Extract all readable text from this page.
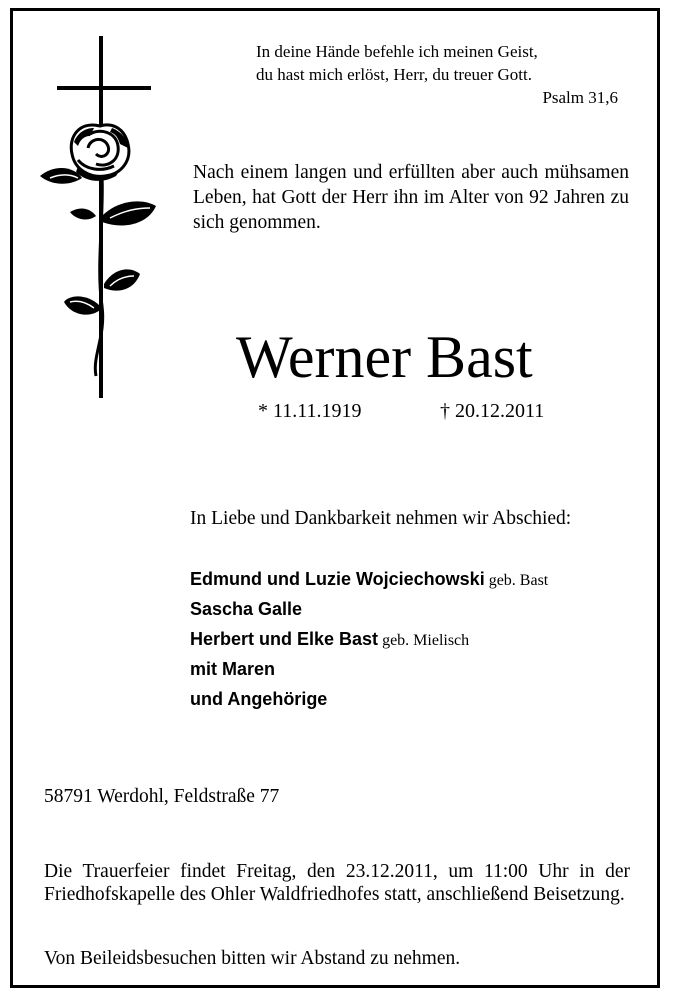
In deine Hände befehle ich meinen Geist,
du hast mich erlöst, Herr, du treuer Gott.
Psalm 31,6
Nach einem langen und erfüllten aber auch mühsamen Leben, hat Gott der Herr ihn im Alter von 92 Jahren zu sich genommen.
Werner Bast
* 11.11.1919	† 20.12.2011
In Liebe und Dankbarkeit nehmen wir Abschied:
Edmund und Luzie Wojciechowski geb. Bast
Sascha Galle
Herbert und Elke Bast geb. Mielisch
mit Maren
und Angehörige
58791 Werdohl, Feldstraße 77
Die Trauerfeier findet Freitag, den 23.12.2011, um 11:00 Uhr in der Friedhofskapelle des Ohler Waldfriedhofes statt, anschließend Beisetzung.
Von Beileidsbesuchen bitten wir Abstand zu nehmen.
